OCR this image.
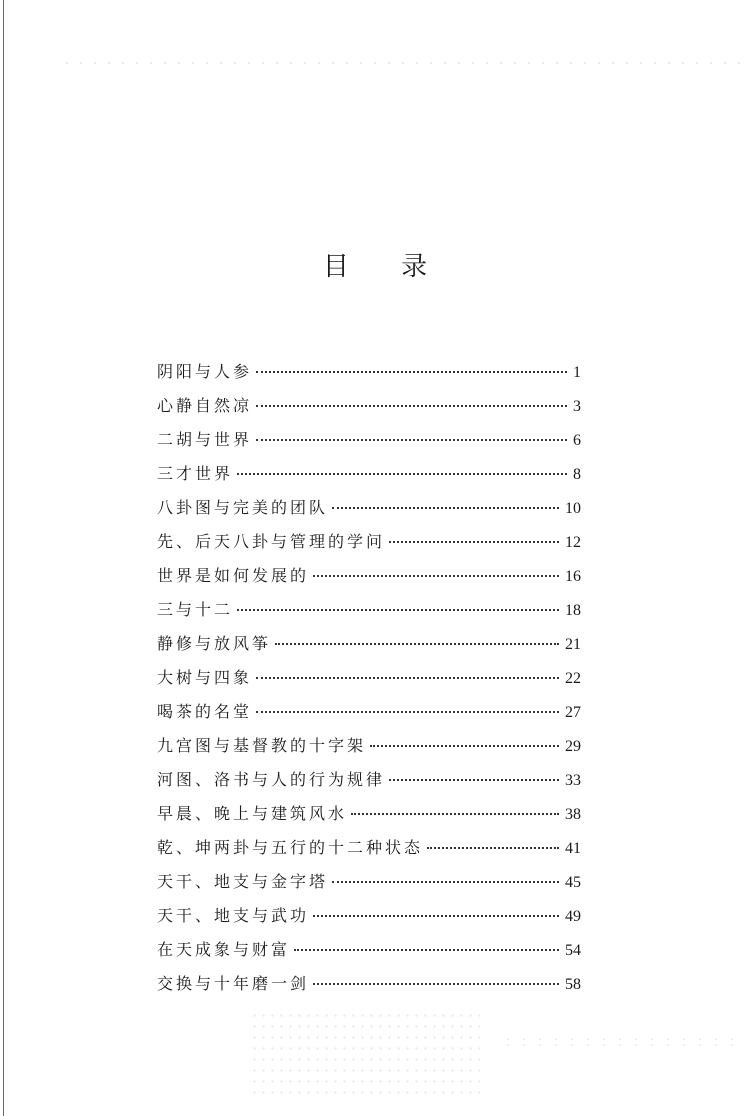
目 录
阴阳与人参	1
心静自然凉	3
二胡与世界	6
三才世界	8
八卦图与完美的团队	10
先、后天八卦与管理的学问	12
世界是如何发展的	16
三与十二	18
静修与放风筝	21
大树与四象	22
喝茶的名堂	27
九宫图与基督教的十字架	29
河图、洛书与人的行为规律	33
早晨、晚上与建筑风水	38
乾、坤两卦与五行的十二种状态	41
天干、地支与金字塔	45
天干、地支与武功	49
在天成象与财富	54
交换与十年磨一剑	58
